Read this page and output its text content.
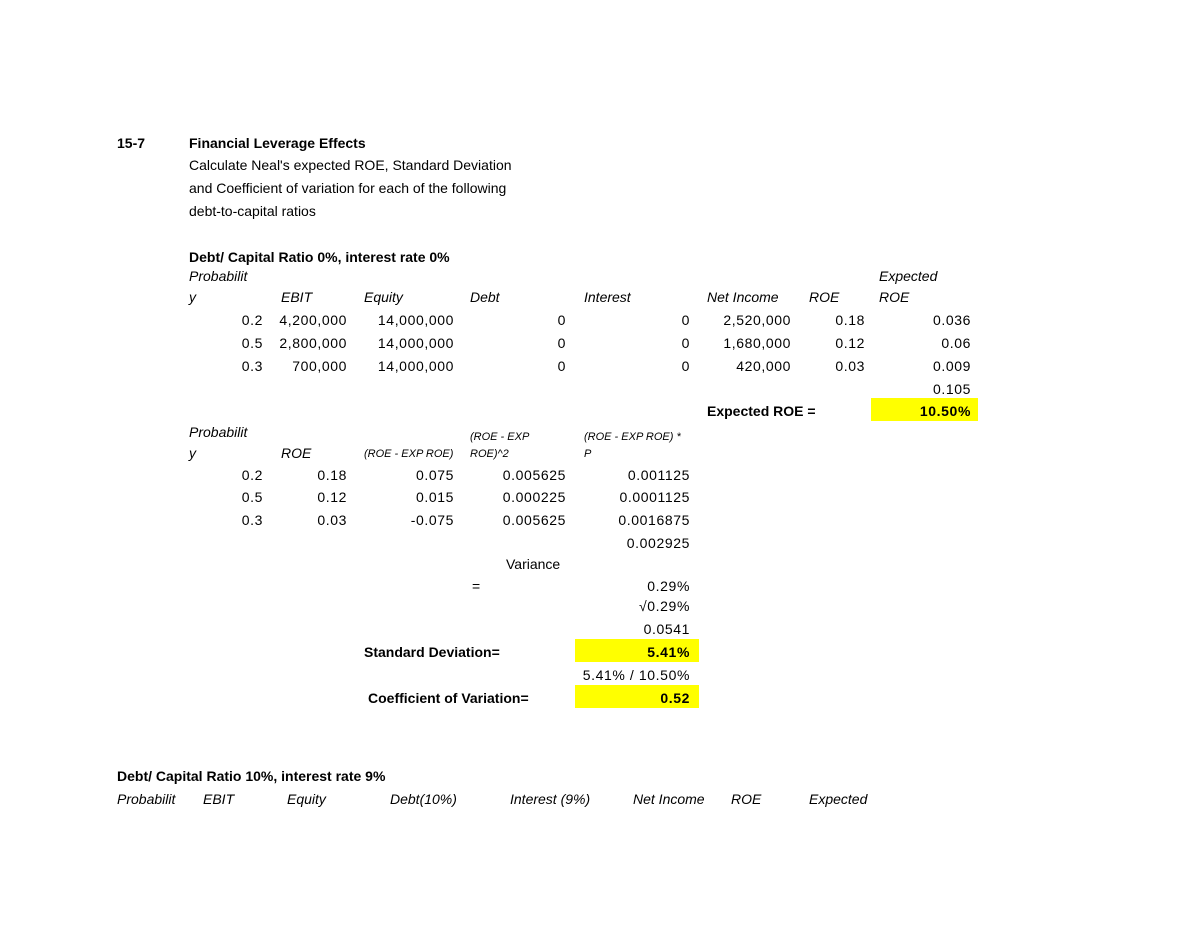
15-7	Financial Leverage Effects
Calculate Neal's expected ROE, Standard Deviation
and Coefficient of variation for each of the following
debt-to-capital ratios
Debt/ Capital Ratio 0%, interest rate 0%
Probabilit
y	EBIT	Equity	Debt	Interest	Net Income ROE
Expected
ROE
0.2	4,200,000	14,000,000	0	0	2,520,000	0.18	0.036
0.5	2,800,000	14,000,000	0	0	1,680,000	0.12	0.06
0.3	700,000	14,000,000	0	0	420,000	0.03	0.009
0.105
Expected ROE =	10.50%
Probabilit
y	ROE	(ROE - EXP ROE)
(ROE - EXP
ROE)^2
(ROE - EXP ROE) *
P
0.2	0.18	0.075	0.005625	0.001125
0.5	0.12	0.015	0.000225	0.0001125
0.3	0.03	-0.075	0.005625	0.0016875
0.002925
Variance
=	0.29%
√0.29%
0.0541
Standard Deviation=	5.41%
5.41% / 10.50%
Coefficient of Variation=	0.52
Debt/ Capital Ratio 10%, interest rate 9%
Probabilit EBIT	Equity	Debt(10%)	Interest (9%)	Net Income ROE	Expected
